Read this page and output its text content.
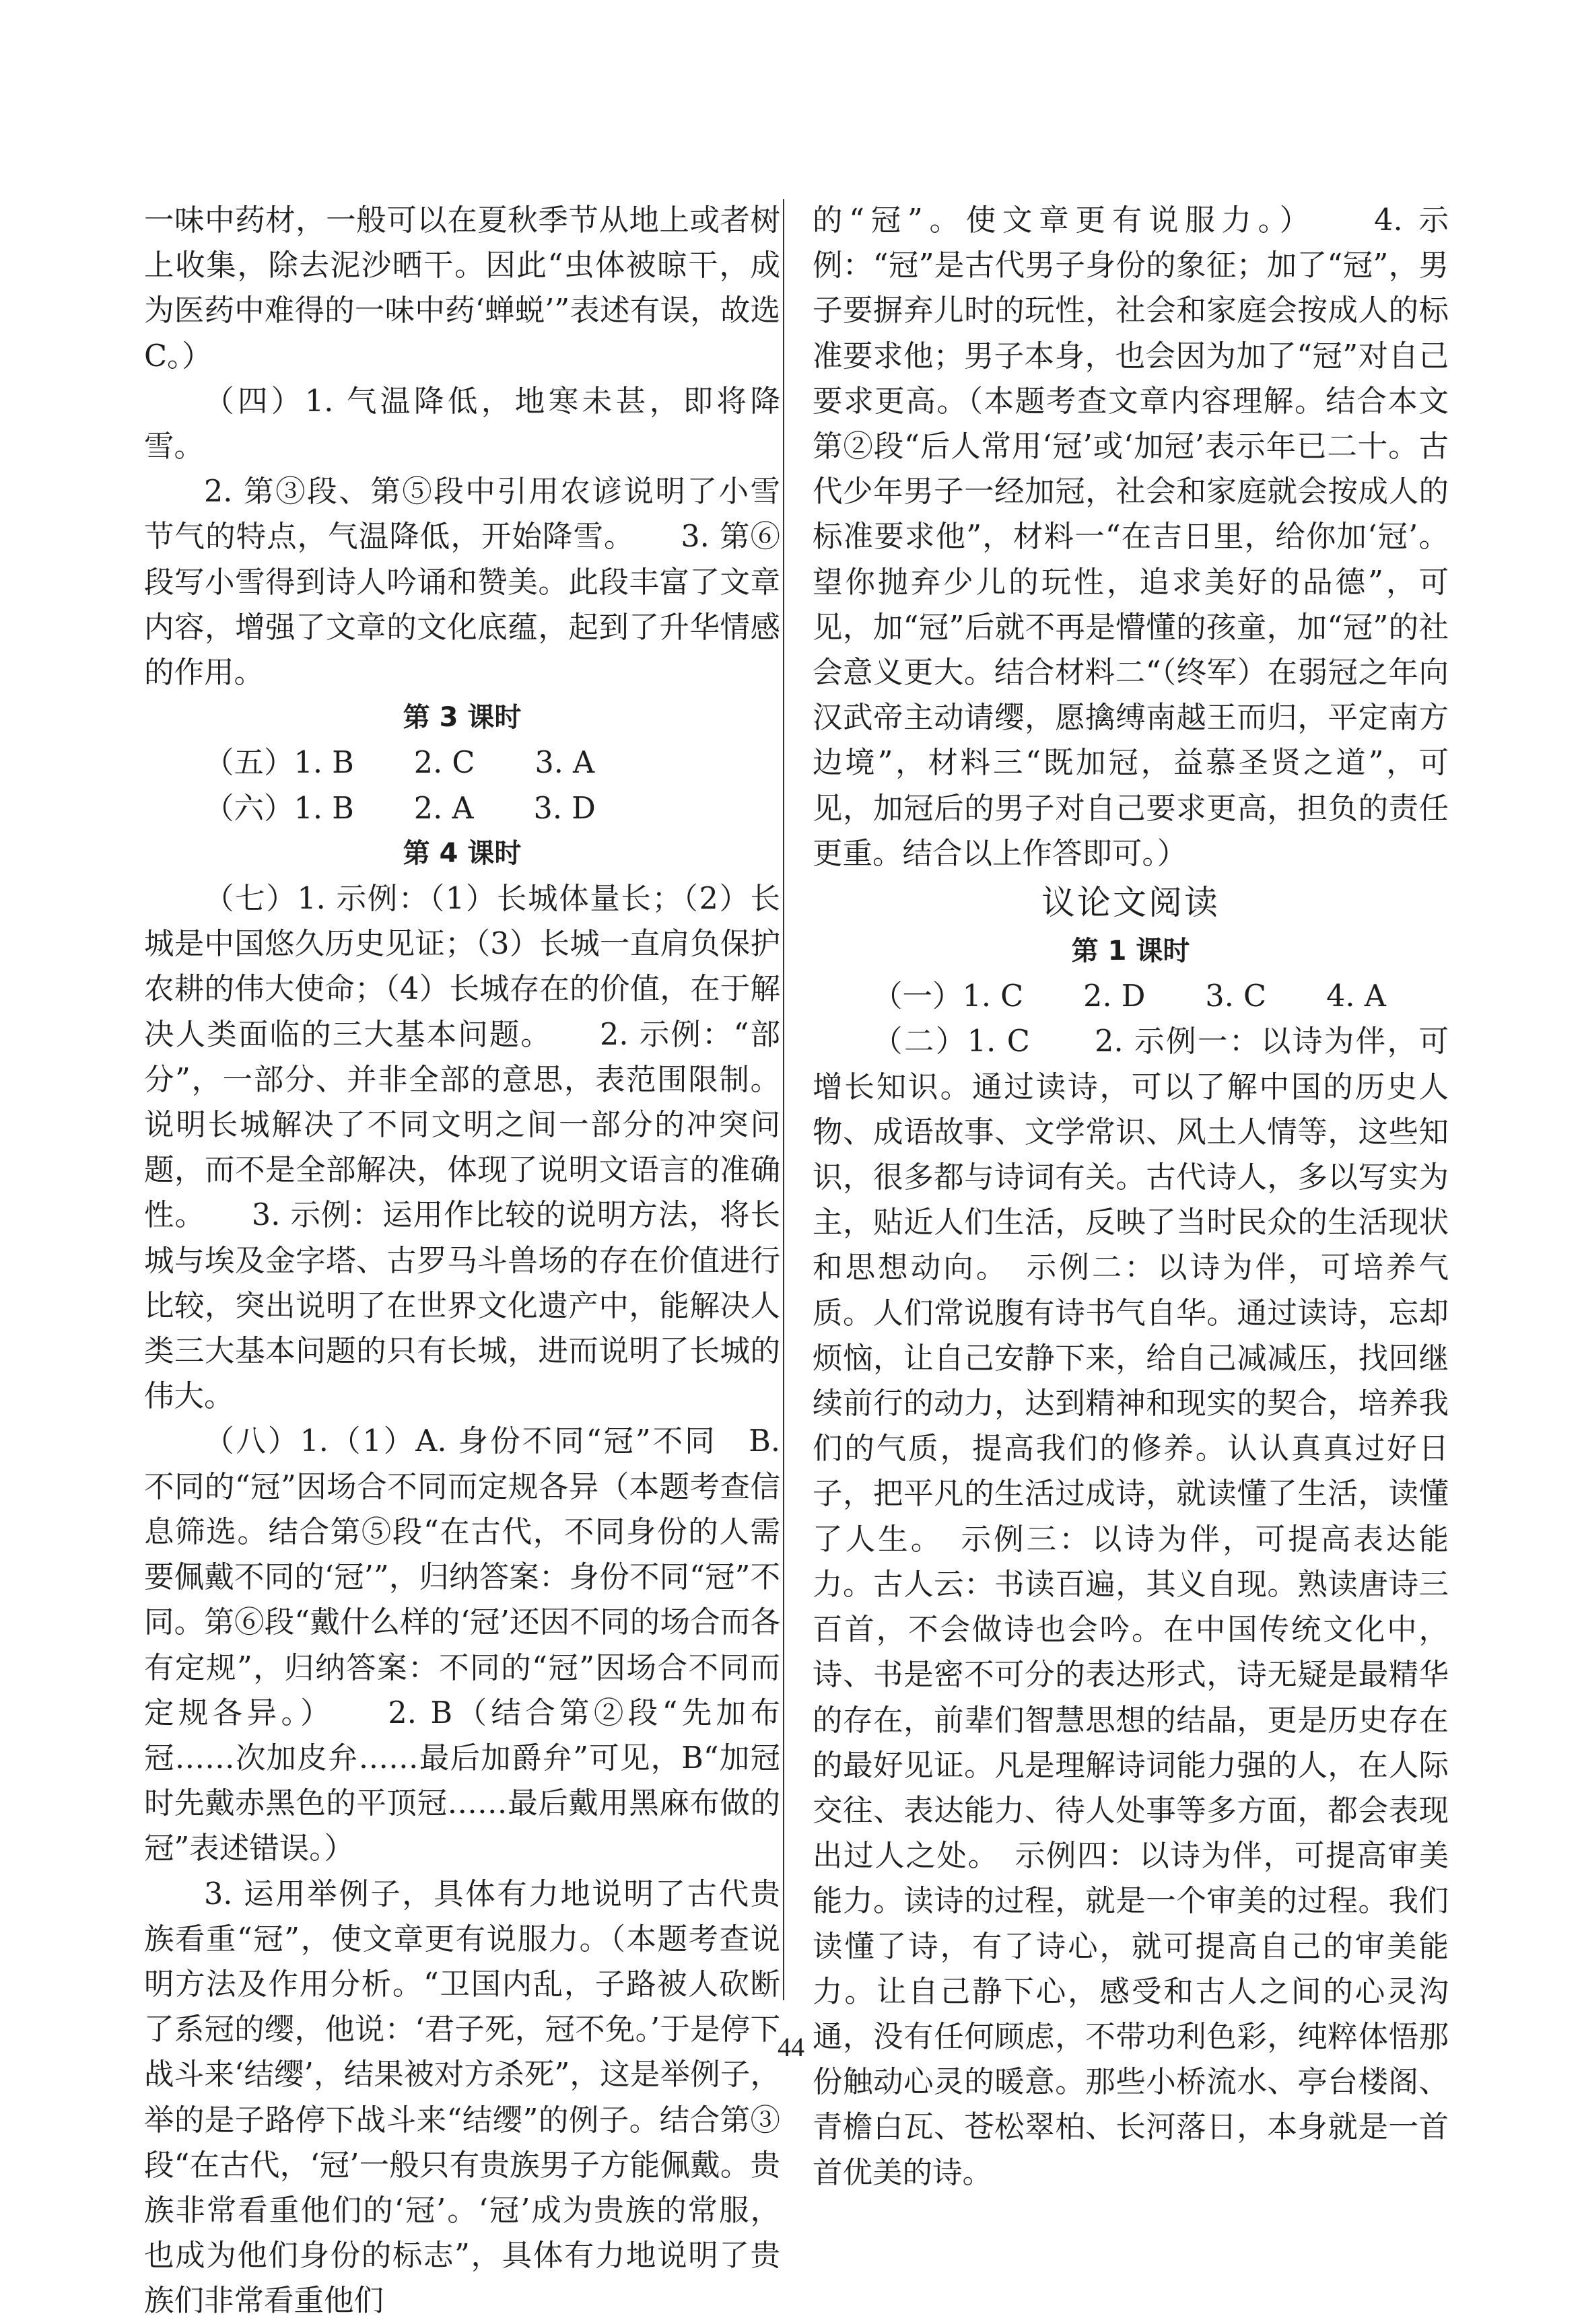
一味中药材，一般可以在夏秋季节从地上或者树上收集，除去泥沙晒干。因此“虫体被晾干，成为医药中难得的一味中药‘蝉蜕’”表述有误，故选C。）

（四）1. 气温降低，地寒未甚，即将降雪。

2. 第③段、第⑤段中引用农谚说明了小雪节气的特点，气温降低，开始降雪。　　3. 第⑥段写小雪得到诗人吟诵和赞美。此段丰富了文章内容，增强了文章的文化底蕴，起到了升华情感的作用。

第 3 课时

（五）1. B　　2. C　　3. A

（六）1. B　　2. A　　3. D

第 4 课时

（七）1. 示例：（1）长城体量长；（2）长城是中国悠久历史见证；（3）长城一直肩负保护农耕的伟大使命；（4）长城存在的价值，在于解决人类面临的三大基本问题。　　2. 示例：“部分”，一部分、并非全部的意思，表范围限制。说明长城解决了不同文明之间一部分的冲突问题，而不是全部解决，体现了说明文语言的准确性。　　3. 示例：运用作比较的说明方法，将长城与埃及金字塔、古罗马斗兽场的存在价值进行比较，突出说明了在世界文化遗产中，能解决人类三大基本问题的只有长城，进而说明了长城的伟大。

（八）1.（1）A. 身份不同“冠”不同　B. 不同的“冠”因场合不同而定规各异（本题考查信息筛选。结合第⑤段“在古代，不同身份的人需要佩戴不同的‘冠’”，归纳答案：身份不同“冠”不同。第⑥段“戴什么样的‘冠’还因不同的场合而各有定规”，归纳答案：不同的“冠”因场合不同而定规各异。）　　2. B（结合第②段“先加布冠……次加皮弁……最后加爵弁”可见，B“加冠时先戴赤黑色的平顶冠……最后戴用黑麻布做的冠”表述错误。）

3. 运用举例子，具体有力地说明了古代贵族看重“冠”，使文章更有说服力。（本题考查说明方法及作用分析。“卫国内乱，子路被人砍断了系冠的缨，他说：‘君子死，冠不免。’于是停下战斗来‘结缨’，结果被对方杀死”，这是举例子，举的是子路停下战斗来“结缨”的例子。结合第③段“在古代，‘冠’一般只有贵族男子方能佩戴。贵族非常看重他们的‘冠’。‘冠’成为贵族的常服，也成为他们身份的标志”，具体有力地说明了贵族们非常看重他们

的“冠”。使文章更有说服力。）　　4. 示例：“冠”是古代男子身份的象征；加了“冠”，男子要摒弃儿时的玩性，社会和家庭会按成人的标准要求他；男子本身，也会因为加了“冠”对自己要求更高。（本题考查文章内容理解。结合本文第②段“后人常用‘冠’或‘加冠’表示年已二十。古代少年男子一经加冠，社会和家庭就会按成人的标准要求他”，材料一“在吉日里，给你加‘冠’。望你抛弃少儿的玩性，追求美好的品德”，可见，加“冠”后就不再是懵懂的孩童，加“冠”的社会意义更大。结合材料二“（终军）在弱冠之年向汉武帝主动请缨，愿擒缚南越王而归，平定南方边境”，材料三“既加冠，益慕圣贤之道”，可见，加冠后的男子对自己要求更高，担负的责任更重。结合以上作答即可。）

议论文阅读

第 1 课时

（一）1. C　　2. D　　3. C　　4. A

（二）1. C　　2. 示例一：以诗为伴，可增长知识。通过读诗，可以了解中国的历史人物、成语故事、文学常识、风土人情等，这些知识，很多都与诗词有关。古代诗人，多以写实为主，贴近人们生活，反映了当时民众的生活现状和思想动向。　示例二：以诗为伴，可培养气质。人们常说腹有诗书气自华。通过读诗，忘却烦恼，让自己安静下来，给自己减减压，找回继续前行的动力，达到精神和现实的契合，培养我们的气质，提高我们的修养。认认真真过好日子，把平凡的生活过成诗，就读懂了生活，读懂了人生。　示例三：以诗为伴，可提高表达能力。古人云：书读百遍，其义自现。熟读唐诗三百首，不会做诗也会吟。在中国传统文化中，诗、书是密不可分的表达形式，诗无疑是最精华的存在，前辈们智慧思想的结晶，更是历史存在的最好见证。凡是理解诗词能力强的人，在人际交往、表达能力、待人处事等多方面，都会表现出过人之处。　示例四：以诗为伴，可提高审美能力。读诗的过程，就是一个审美的过程。我们读懂了诗，有了诗心，就可提高自己的审美能力。让自己静下心，感受和古人之间的心灵沟通，没有任何顾虑，不带功利色彩，纯粹体悟那份触动心灵的暖意。那些小桥流水、亭台楼阁、青檐白瓦、苍松翠柏、长河落日，本身就是一首首优美的诗。

44
